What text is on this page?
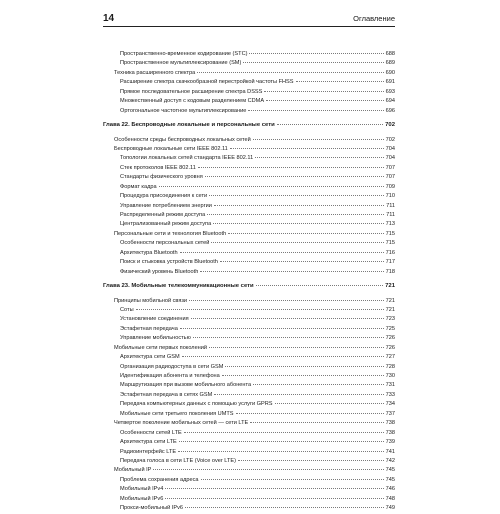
14	Оглавление
Пространственно-временное кодирование (STC)	688
Пространственное мультиплексирование (SM)	689
Техника расширенного спектра	690
Расширение спектра скачкообразной перестройкой частоты FHSS	691
Прямое последовательное расширение спектра DSSS	693
Множественный доступ с кодовым разделением CDMA	694
Ортогональное частотное мультиплексирование	696
Глава 22. Беспроводные локальные и персональные сети	702
Особенности среды беспроводных локальных сетей	702
Беспроводные локальные сети IEEE 802.11	704
Топологии локальных сетей стандарта IEEE 802.11	704
Стек протоколов IEEE 802.11	707
Стандарты физического уровня	707
Формат кадра	709
Процедура присоединения к сети	710
Управление потреблением энергии	711
Распределенный режим доступа	711
Централизованный режим доступа	713
Персональные сети и технология Bluetooth	715
Особенности персональных сетей	715
Архитектура Bluetooth	716
Поиск и стыковка устройств Bluetooth	717
Физический уровень Bluetooth	718
Глава 23. Мобильные телекоммуникационные сети	721
Принципы мобильной связи	721
Соты	721
Установление соединения	723
Эстафетная передача	725
Управление мобильностью	726
Мобильные сети первых поколений	726
Архитектура сети GSM	727
Организация радиодоступа в сети GSM	728
Идентификация абонента и телефона	730
Маршрутизация при вызове мобильного абонента	731
Эстафетная передача в сетях GSM	733
Передача компьютерных данных с помощью услуги GPRS	734
Мобильные сети третьего поколения UMTS	737
Четвертое поколение мобильных сетей — сети LTE	738
Особенности сетей LTE	738
Архитектура сети LTE	739
Радиоинтерфейс LTE	741
Передача голоса в сети LTE (Voice over LTE)	742
Мобильный IP	745
Проблема сохранения адреса	745
Мобильный IPv4	746
Мобильный IPv6	748
Прокси-мобильный IPv6	749
